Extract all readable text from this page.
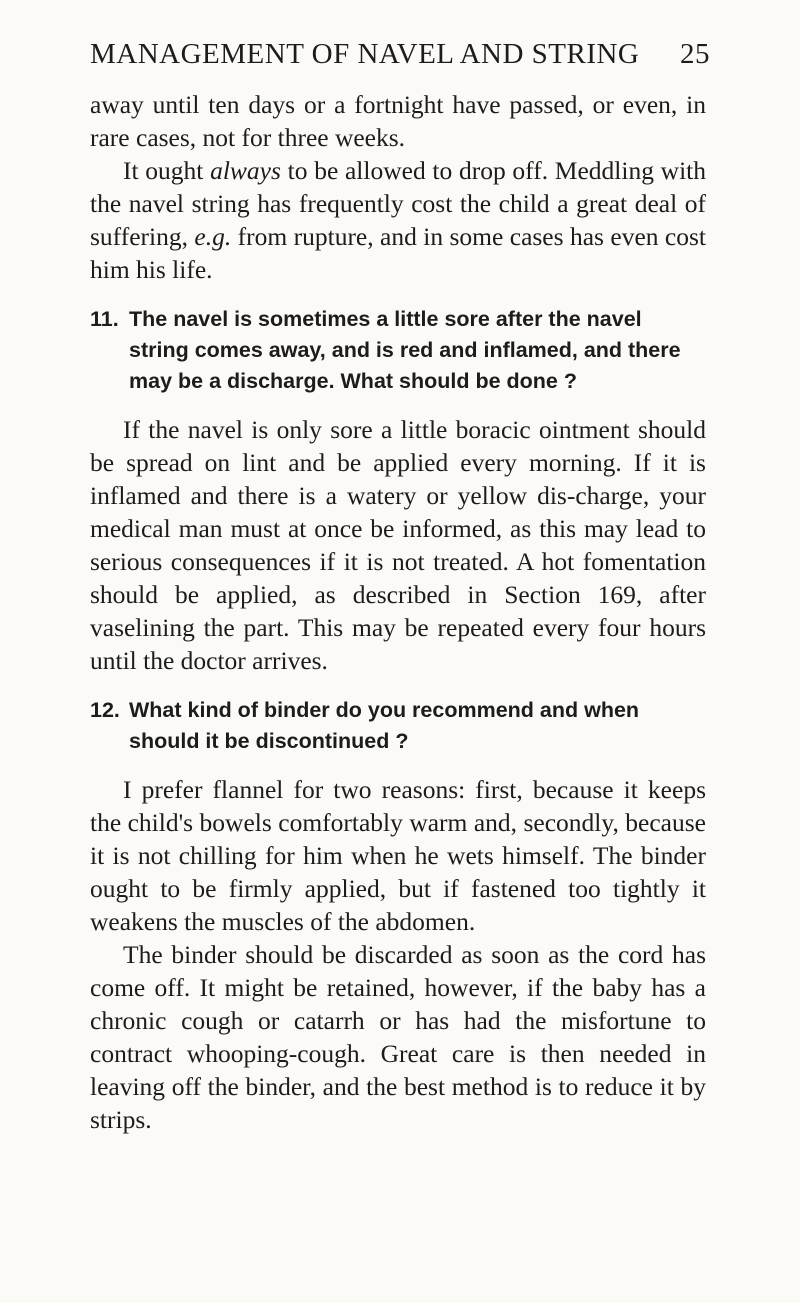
MANAGEMENT OF NAVEL AND STRING 25

away until ten days or a fortnight have passed, or even, in rare cases, not for three weeks.

It ought always to be allowed to drop off. Meddling with the navel string has frequently cost the child a great deal of suffering, e.g. from rupture, and in some cases has even cost him his life.

11. The navel is sometimes a little sore after the navel string comes away, and is red and inflamed, and there may be a discharge. What should be done ?

If the navel is only sore a little boracic ointment should be spread on lint and be applied every morning. If it is inflamed and there is a watery or yellow dis-charge, your medical man must at once be informed, as this may lead to serious consequences if it is not treated. A hot fomentation should be applied, as described in Section 169, after vaselining the part. This may be repeated every four hours until the doctor arrives.

12. What kind of binder do you recommend and when should it be discontinued ?

I prefer flannel for two reasons: first, because it keeps the child's bowels comfortably warm and, secondly, because it is not chilling for him when he wets himself. The binder ought to be firmly applied, but if fastened too tightly it weakens the muscles of the abdomen.

The binder should be discarded as soon as the cord has come off. It might be retained, however, if the baby has a chronic cough or catarrh or has had the misfortune to contract whooping-cough. Great care is then needed in leaving off the binder, and the best method is to reduce it by strips.
